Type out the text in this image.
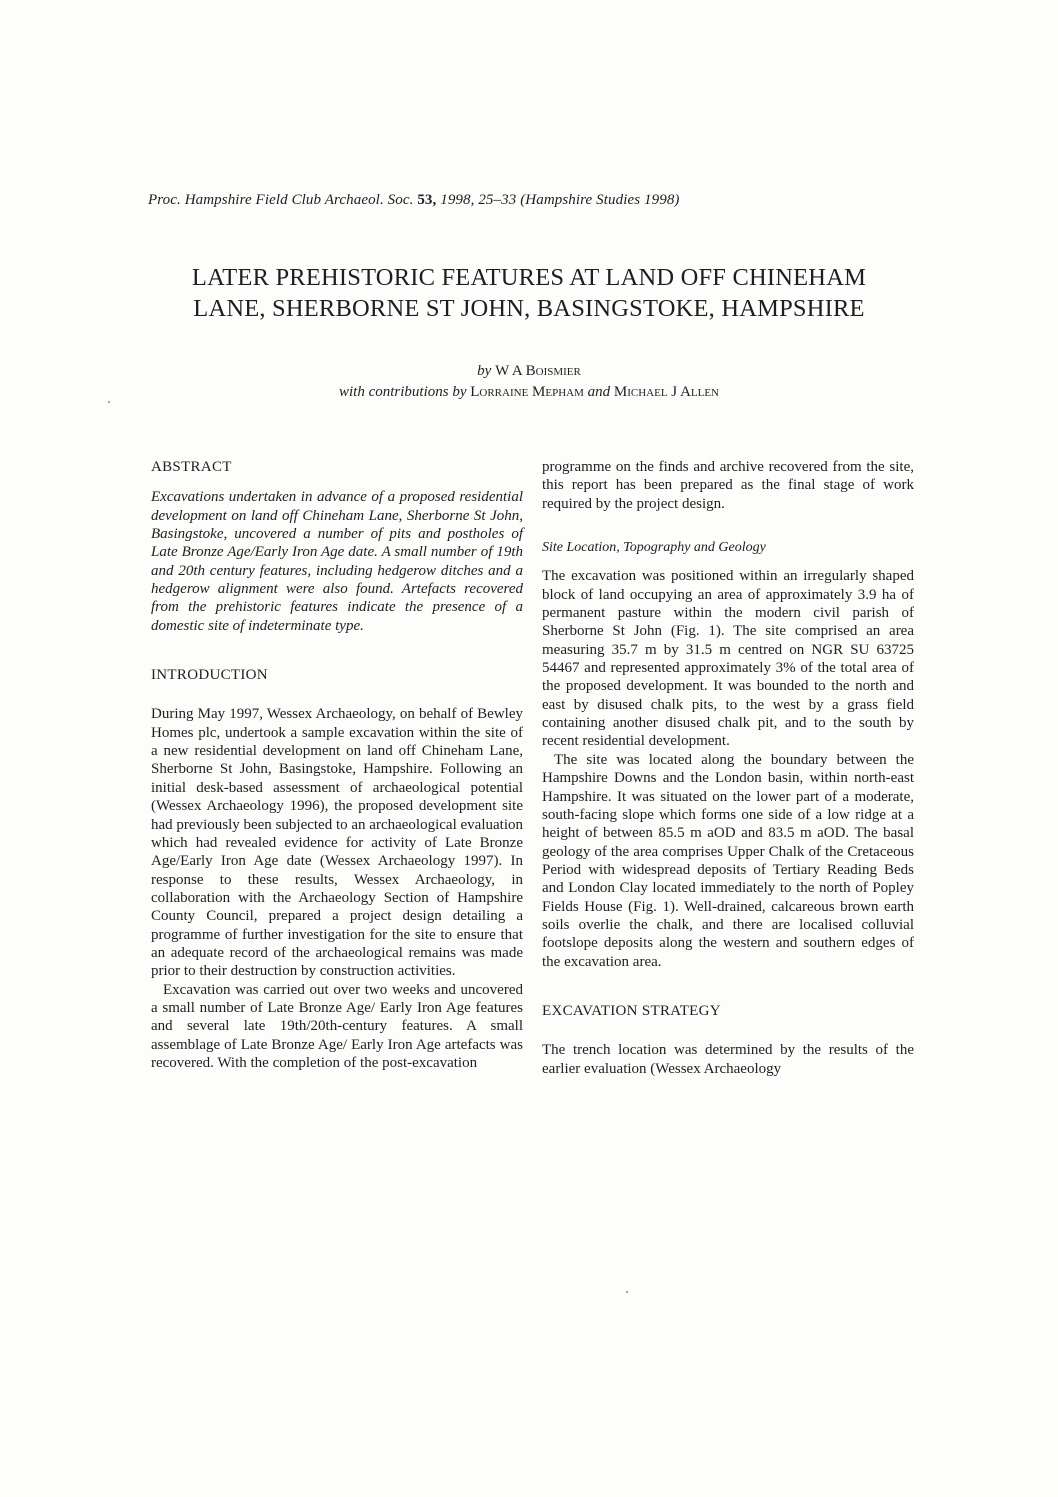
Proc. Hampshire Field Club Archaeol. Soc. 53, 1998, 25–33 (Hampshire Studies 1998)
LATER PREHISTORIC FEATURES AT LAND OFF CHINEHAM
LANE, SHERBORNE ST JOHN, BASINGSTOKE, HAMPSHIRE
by W A Boismier
with contributions by Lorraine Mepham and Michael J Allen
ABSTRACT

Excavations undertaken in advance of a proposed residential development on land off Chineham Lane, Sherborne St John, Basingstoke, uncovered a number of pits and postholes of Late Bronze Age/Early Iron Age date. A small number of 19th and 20th century features, including hedgerow ditches and a hedgerow alignment were also found. Artefacts recovered from the prehistoric features indicate the presence of a domestic site of indeterminate type.

INTRODUCTION

During May 1997, Wessex Archaeology, on behalf of Bewley Homes plc, undertook a sample excavation within the site of a new residential development on land off Chineham Lane, Sherborne St John, Basingstoke, Hampshire. Following an initial desk-based assessment of archaeological potential (Wessex Archaeology 1996), the proposed development site had previously been subjected to an archaeological evaluation which had revealed evidence for activity of Late Bronze Age/Early Iron Age date (Wessex Archaeology 1997). In response to these results, Wessex Archaeology, in collaboration with the Archaeology Section of Hampshire County Council, prepared a project design detailing a programme of further investigation for the site to ensure that an adequate record of the archaeological remains was made prior to their destruction by construction activities.

Excavation was carried out over two weeks and uncovered a small number of Late Bronze Age/ Early Iron Age features and several late 19th/20th-century features. A small assemblage of Late Bronze Age/ Early Iron Age artefacts was recovered. With the completion of the post-excavation

programme on the finds and archive recovered from the site, this report has been prepared as the final stage of work required by the project design.

Site Location, Topography and Geology

The excavation was positioned within an irregularly shaped block of land occupying an area of approximately 3.9 ha of permanent pasture within the modern civil parish of Sherborne St John (Fig. 1). The site comprised an area measuring 35.7 m by 31.5 m centred on NGR SU 63725 54467 and represented approximately 3% of the total area of the proposed development. It was bounded to the north and east by disused chalk pits, to the west by a grass field containing another disused chalk pit, and to the south by recent residential development.

The site was located along the boundary between the Hampshire Downs and the London basin, within north-east Hampshire. It was situated on the lower part of a moderate, south-facing slope which forms one side of a low ridge at a height of between 85.5 m aOD and 83.5 m aOD. The basal geology of the area comprises Upper Chalk of the Cretaceous Period with widespread deposits of Tertiary Reading Beds and London Clay located immediately to the north of Popley Fields House (Fig. 1). Well-drained, calcareous brown earth soils overlie the chalk, and there are localised colluvial footslope deposits along the western and southern edges of the excavation area.

EXCAVATION STRATEGY

The trench location was determined by the results of the earlier evaluation (Wessex Archaeology
